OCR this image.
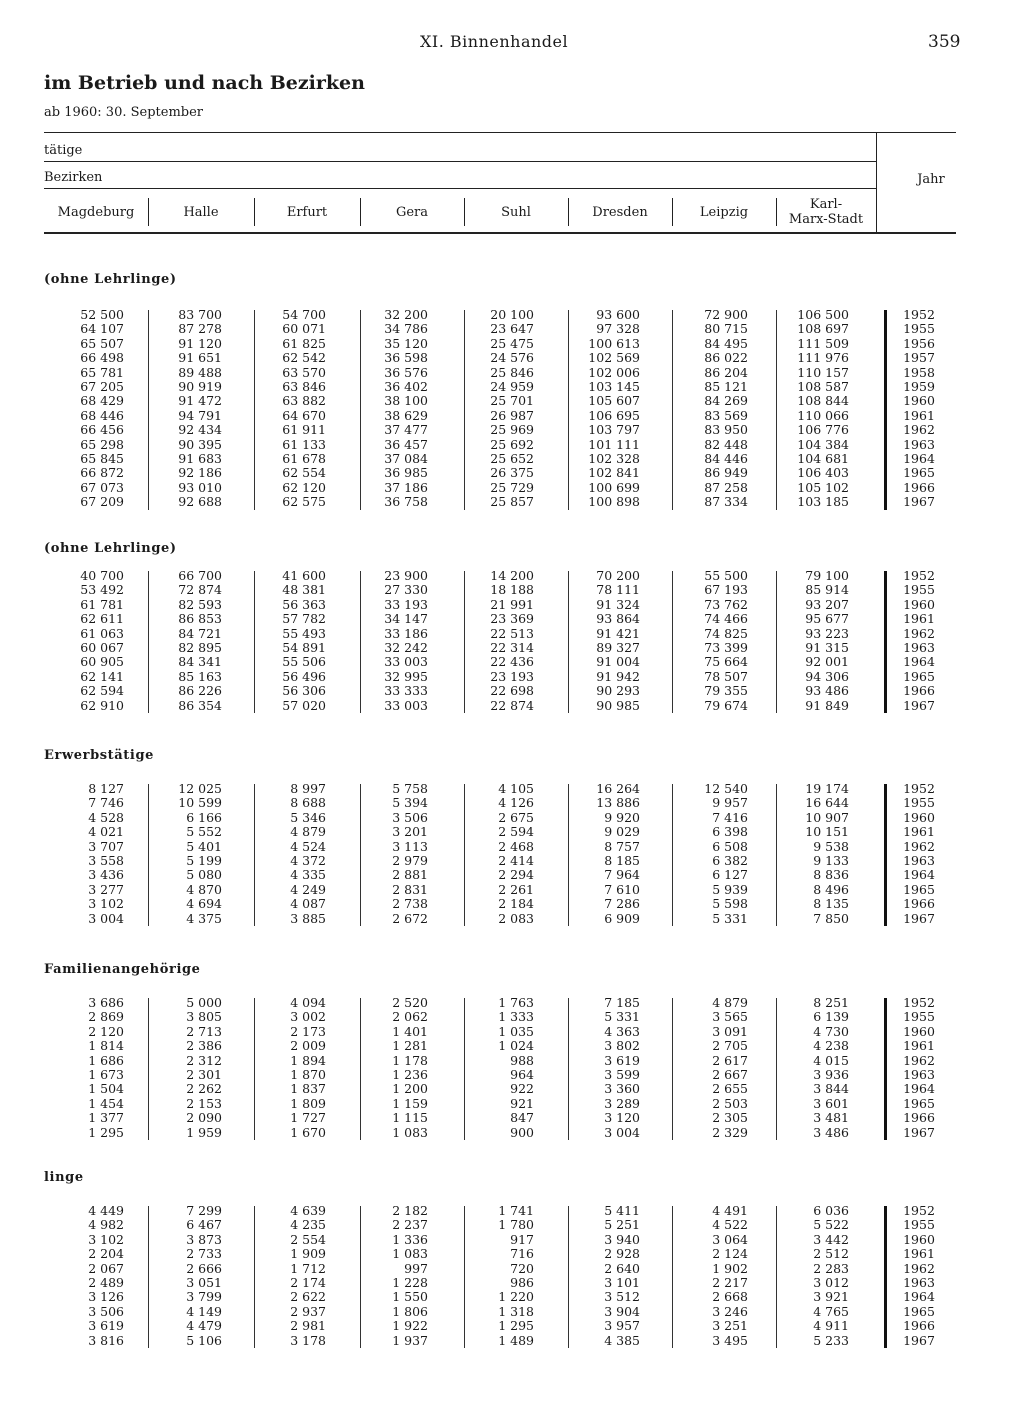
XI. Binnenhandel	359
im Betrieb und nach Bezirken
ab 1960: 30. September
tätige
Bezirken	Jahr
Magdeburg	Halle	Erfurt	Gera	Suhl	Dresden	Leipzig	Karl-
Marx-Stadt
(ohne Lehrlinge)
52 500	83 700	54 700	32 200	20 100	93 600	72 900	106 500	1952
64 107	87 278	60 071	34 786	23 647	97 328	80 715	108 697	1955
65 507	91 120	61 825	35 120	25 475	100 613	84 495	111 509	1956
66 498	91 651	62 542	36 598	24 576	102 569	86 022	111 976	1957
65 781	89 488	63 570	36 576	25 846	102 006	86 204	110 157	1958
67 205	90 919	63 846	36 402	24 959	103 145	85 121	108 587	1959
68 429	91 472	63 882	38 100	25 701	105 607	84 269	108 844	1960
68 446	94 791	64 670	38 629	26 987	106 695	83 569	110 066	1961
66 456	92 434	61 911	37 477	25 969	103 797	83 950	106 776	1962
65 298	90 395	61 133	36 457	25 692	101 111	82 448	104 384	1963
65 845	91 683	61 678	37 084	25 652	102 328	84 446	104 681	1964
66 872	92 186	62 554	36 985	26 375	102 841	86 949	106 403	1965
67 073	93 010	62 120	37 186	25 729	100 699	87 258	105 102	1966
67 209	92 688	62 575	36 758	25 857	100 898	87 334	103 185	1967
(ohne Lehrlinge)
40 700	66 700	41 600	23 900	14 200	70 200	55 500	79 100	1952
53 492	72 874	48 381	27 330	18 188	78 111	67 193	85 914	1955
61 781	82 593	56 363	33 193	21 991	91 324	73 762	93 207	1960
62 611	86 853	57 782	34 147	23 369	93 864	74 466	95 677	1961
61 063	84 721	55 493	33 186	22 513	91 421	74 825	93 223	1962
60 067	82 895	54 891	32 242	22 314	89 327	73 399	91 315	1963
60 905	84 341	55 506	33 003	22 436	91 004	75 664	92 001	1964
62 141	85 163	56 496	32 995	23 193	91 942	78 507	94 306	1965
62 594	86 226	56 306	33 333	22 698	90 293	79 355	93 486	1966
62 910	86 354	57 020	33 003	22 874	90 985	79 674	91 849	1967
Erwerbstätige
8 127	12 025	8 997	5 758	4 105	16 264	12 540	19 174	1952
7 746	10 599	8 688	5 394	4 126	13 886	9 957	16 644	1955
4 528	6 166	5 346	3 506	2 675	9 920	7 416	10 907	1960
4 021	5 552	4 879	3 201	2 594	9 029	6 398	10 151	1961
3 707	5 401	4 524	3 113	2 468	8 757	6 508	9 538	1962
3 558	5 199	4 372	2 979	2 414	8 185	6 382	9 133	1963
3 436	5 080	4 335	2 881	2 294	7 964	6 127	8 836	1964
3 277	4 870	4 249	2 831	2 261	7 610	5 939	8 496	1965
3 102	4 694	4 087	2 738	2 184	7 286	5 598	8 135	1966
3 004	4 375	3 885	2 672	2 083	6 909	5 331	7 850	1967
Familienangehörige
3 686	5 000	4 094	2 520	1 763	7 185	4 879	8 251	1952
2 869	3 805	3 002	2 062	1 333	5 331	3 565	6 139	1955
2 120	2 713	2 173	1 401	1 035	4 363	3 091	4 730	1960
1 814	2 386	2 009	1 281	1 024	3 802	2 705	4 238	1961
1 686	2 312	1 894	1 178	988	3 619	2 617	4 015	1962
1 673	2 301	1 870	1 236	964	3 599	2 667	3 936	1963
1 504	2 262	1 837	1 200	922	3 360	2 655	3 844	1964
1 454	2 153	1 809	1 159	921	3 289	2 503	3 601	1965
1 377	2 090	1 727	1 115	847	3 120	2 305	3 481	1966
1 295	1 959	1 670	1 083	900	3 004	2 329	3 486	1967
linge
4 449	7 299	4 639	2 182	1 741	5 411	4 491	6 036	1952
4 982	6 467	4 235	2 237	1 780	5 251	4 522	5 522	1955
3 102	3 873	2 554	1 336	917	3 940	3 064	3 442	1960
2 204	2 733	1 909	1 083	716	2 928	2 124	2 512	1961
2 067	2 666	1 712	997	720	2 640	1 902	2 283	1962
2 489	3 051	2 174	1 228	986	3 101	2 217	3 012	1963
3 126	3 799	2 622	1 550	1 220	3 512	2 668	3 921	1964
3 506	4 149	2 937	1 806	1 318	3 904	3 246	4 765	1965
3 619	4 479	2 981	1 922	1 295	3 957	3 251	4 911	1966
3 816	5 106	3 178	1 937	1 489	4 385	3 495	5 233	1967
